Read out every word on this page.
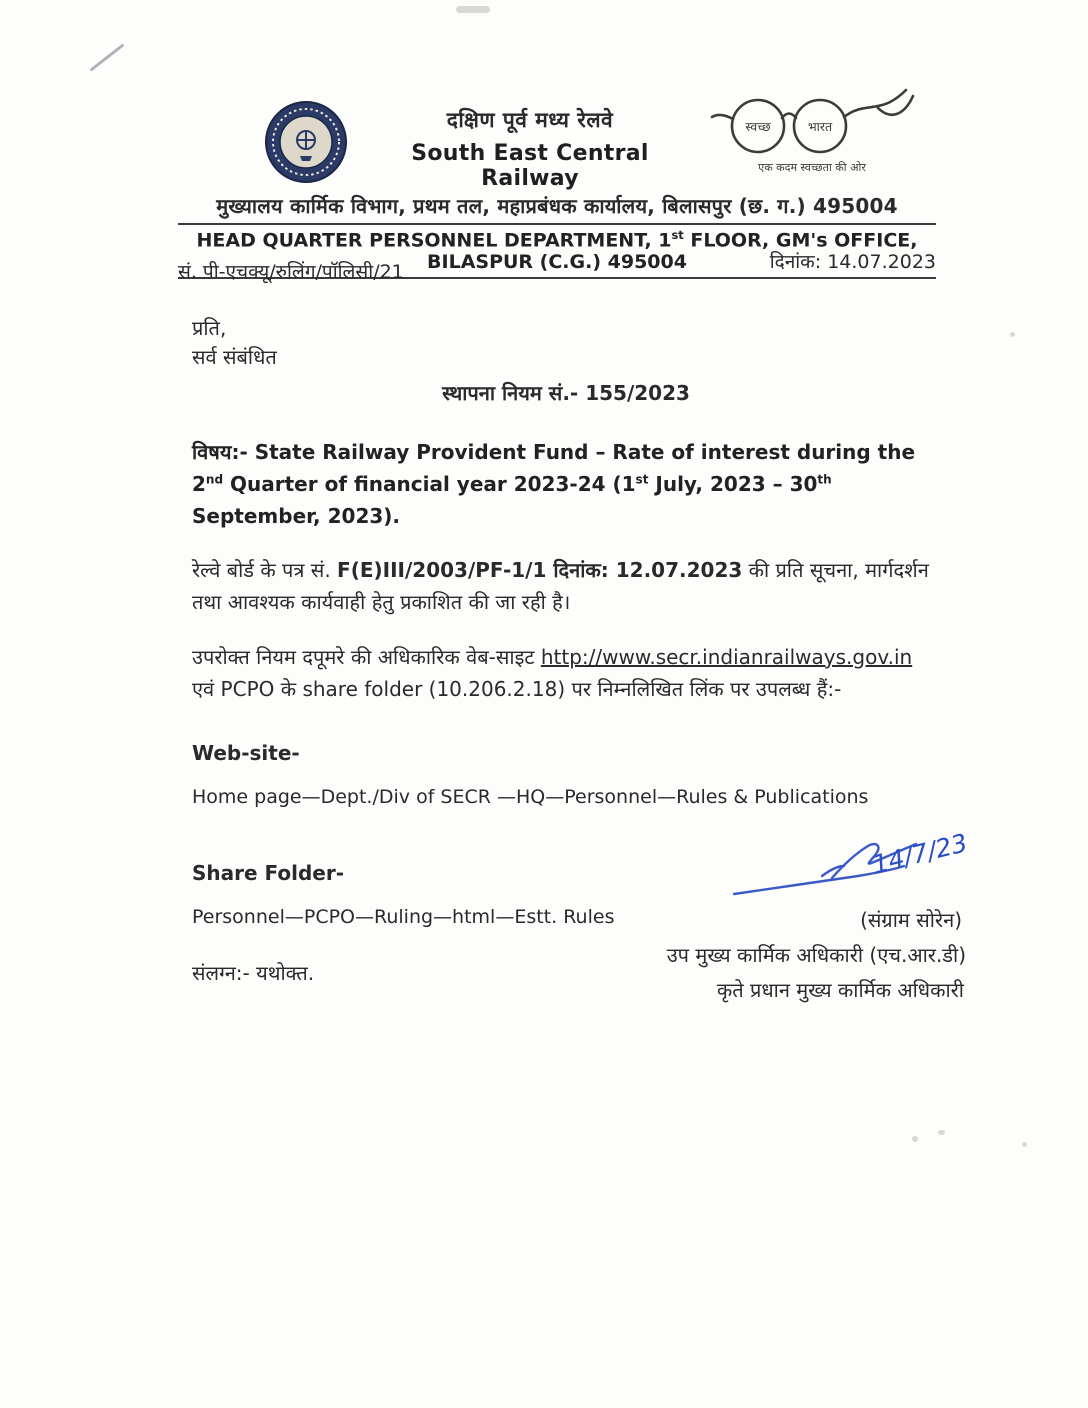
दक्षिण पूर्व मध्य रेलवे
South East Central Railway
स्वच्छ	भारत
एक कदम स्वच्छता की ओर
मुख्यालय कार्मिक विभाग, प्रथम तल, महाप्रबंधक कार्यालय, बिलासपुर (छ. ग.) 495004
HEAD QUARTER PERSONNEL DEPARTMENT, 1st FLOOR, GM's OFFICE, BILASPUR (C.G.) 495004
सं. पी-एचक्यू/रुलिंग/पॉलिसी/21	दिनांक: 14.07.2023
प्रति,
सर्व संबंधित
स्थापना नियम सं.- 155/2023
विषय:- State Railway Provident Fund – Rate of interest during the 2nd Quarter of financial year 2023-24 (1st July, 2023 – 30th September, 2023).
रेल्वे बोर्ड के पत्र सं. F(E)III/2003/PF-1/1 दिनांक: 12.07.2023 की प्रति सूचना, मार्गदर्शन तथा आवश्यक कार्यवाही हेतु प्रकाशित की जा रही है।
उपरोक्त नियम दपूमरे की अधिकारिक वेब-साइट http://www.secr.indianrailways.gov.in एवं PCPO के share folder (10.206.2.18) पर निम्नलिखित लिंक पर उपलब्ध हैं:-
Web-site-
Home page—Dept./Div of SECR —HQ—Personnel—Rules & Publications
Share Folder-
Personnel—PCPO—Ruling—html—Estt. Rules
संलग्न:- यथोक्त.
14/7/23
(संग्राम सोरेन)
उप मुख्य कार्मिक अधिकारी (एच.आर.डी)
कृते प्रधान मुख्य कार्मिक अधिकारी
